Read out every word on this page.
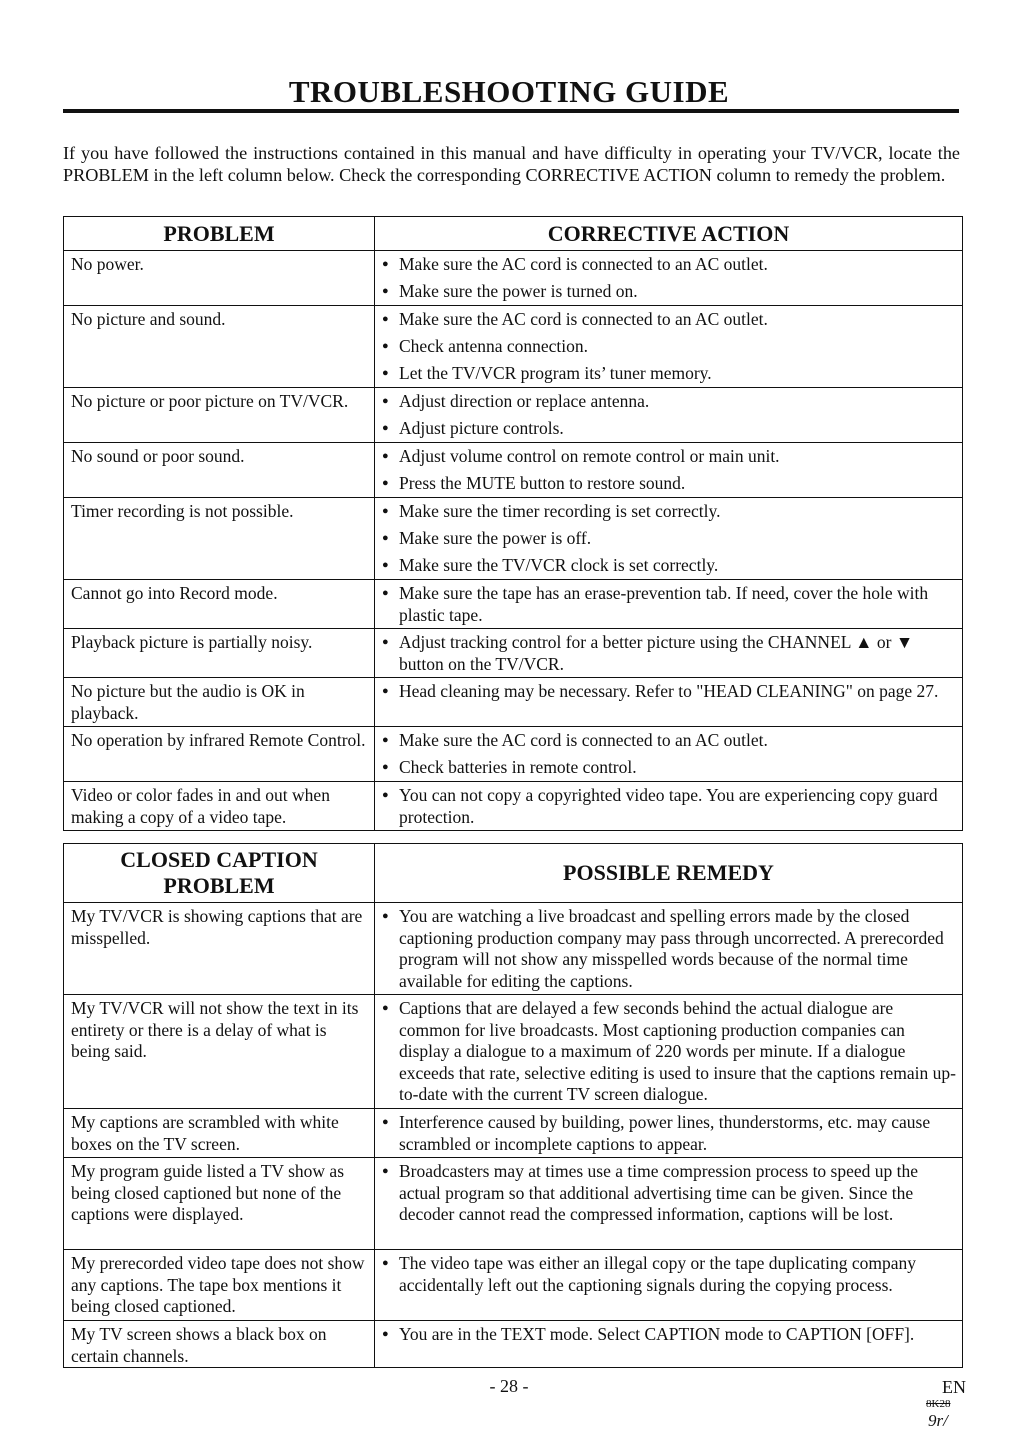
TROUBLESHOOTING GUIDE
If you have followed the instructions contained in this manual and have difficulty in operating your TV/VCR, locate the PROBLEM in the left column below. Check the corresponding CORRECTIVE ACTION column to remedy the problem.
PROBLEM	CORRECTIVE ACTION
No power.	● Make sure the AC cord is connected to an AC outlet.
● Make sure the power is turned on.

No picture and sound.	● Make sure the AC cord is connected to an AC outlet.
● Check antenna connection.
● Let the TV/VCR program its’ tuner memory.

No picture or poor picture on TV/VCR.	● Adjust direction or replace antenna.
● Adjust picture controls.

No sound or poor sound.	● Adjust volume control on remote control or main unit.
● Press the MUTE button to restore sound.

Timer recording is not possible.	● Make sure the timer recording is set correctly.
● Make sure the power is off.
● Make sure the TV/VCR clock is set correctly.

Cannot go into Record mode.	● Make sure the tape has an erase-prevention tab. If need, cover the hole with plastic tape.

Playback picture is partially noisy.	● Adjust tracking control for a better picture using the CHANNEL ▲ or ▼ button on the TV/VCR.

No picture but the audio is OK in playback.	● Head cleaning may be necessary. Refer to "HEAD CLEANING" on page 27.

No operation by infrared Remote Control.	● Make sure the AC cord is connected to an AC outlet.
● Check batteries in remote control.

Video or color fades in and out when making a copy of a video tape.	● You can not copy a copyrighted video tape. You are experiencing copy guard protection.
CLOSED CAPTION PROBLEM	POSSIBLE REMEDY
My TV/VCR is showing captions that are misspelled.	● You are watching a live broadcast and spelling errors made by the closed captioning production company may pass through uncorrected. A prerecorded program will not show any misspelled words because of the normal time available for editing the captions.

My TV/VCR will not show the text in its entirety or there is a delay of what is being said.	● Captions that are delayed a few seconds behind the actual dialogue are common for live broadcasts. Most captioning production companies can display a dialogue to a maximum of 220 words per minute. If a dialogue exceeds that rate, selective editing is used to insure that the captions remain up-to-date with the current TV screen dialogue.

My captions are scrambled with white boxes on the TV screen.	● Interference caused by building, power lines, thunderstorms, etc. may cause scrambled or incomplete captions to appear.

My program guide listed a TV show as being closed captioned but none of the captions were displayed.	● Broadcasters may at times use a time compression process to speed up the actual program so that additional advertising time can be given. Since the decoder cannot read the compressed information, captions will be lost.

My prerecorded video tape does not show any captions. The tape box mentions it being closed captioned.	● The video tape was either an illegal copy or the tape duplicating company accidentally left out the captioning signals during the copying process.

My TV screen shows a black box on certain channels.	● You are in the TEXT mode. Select CAPTION mode to CAPTION [OFF].
- 28 -	EN
8K28
9r/
